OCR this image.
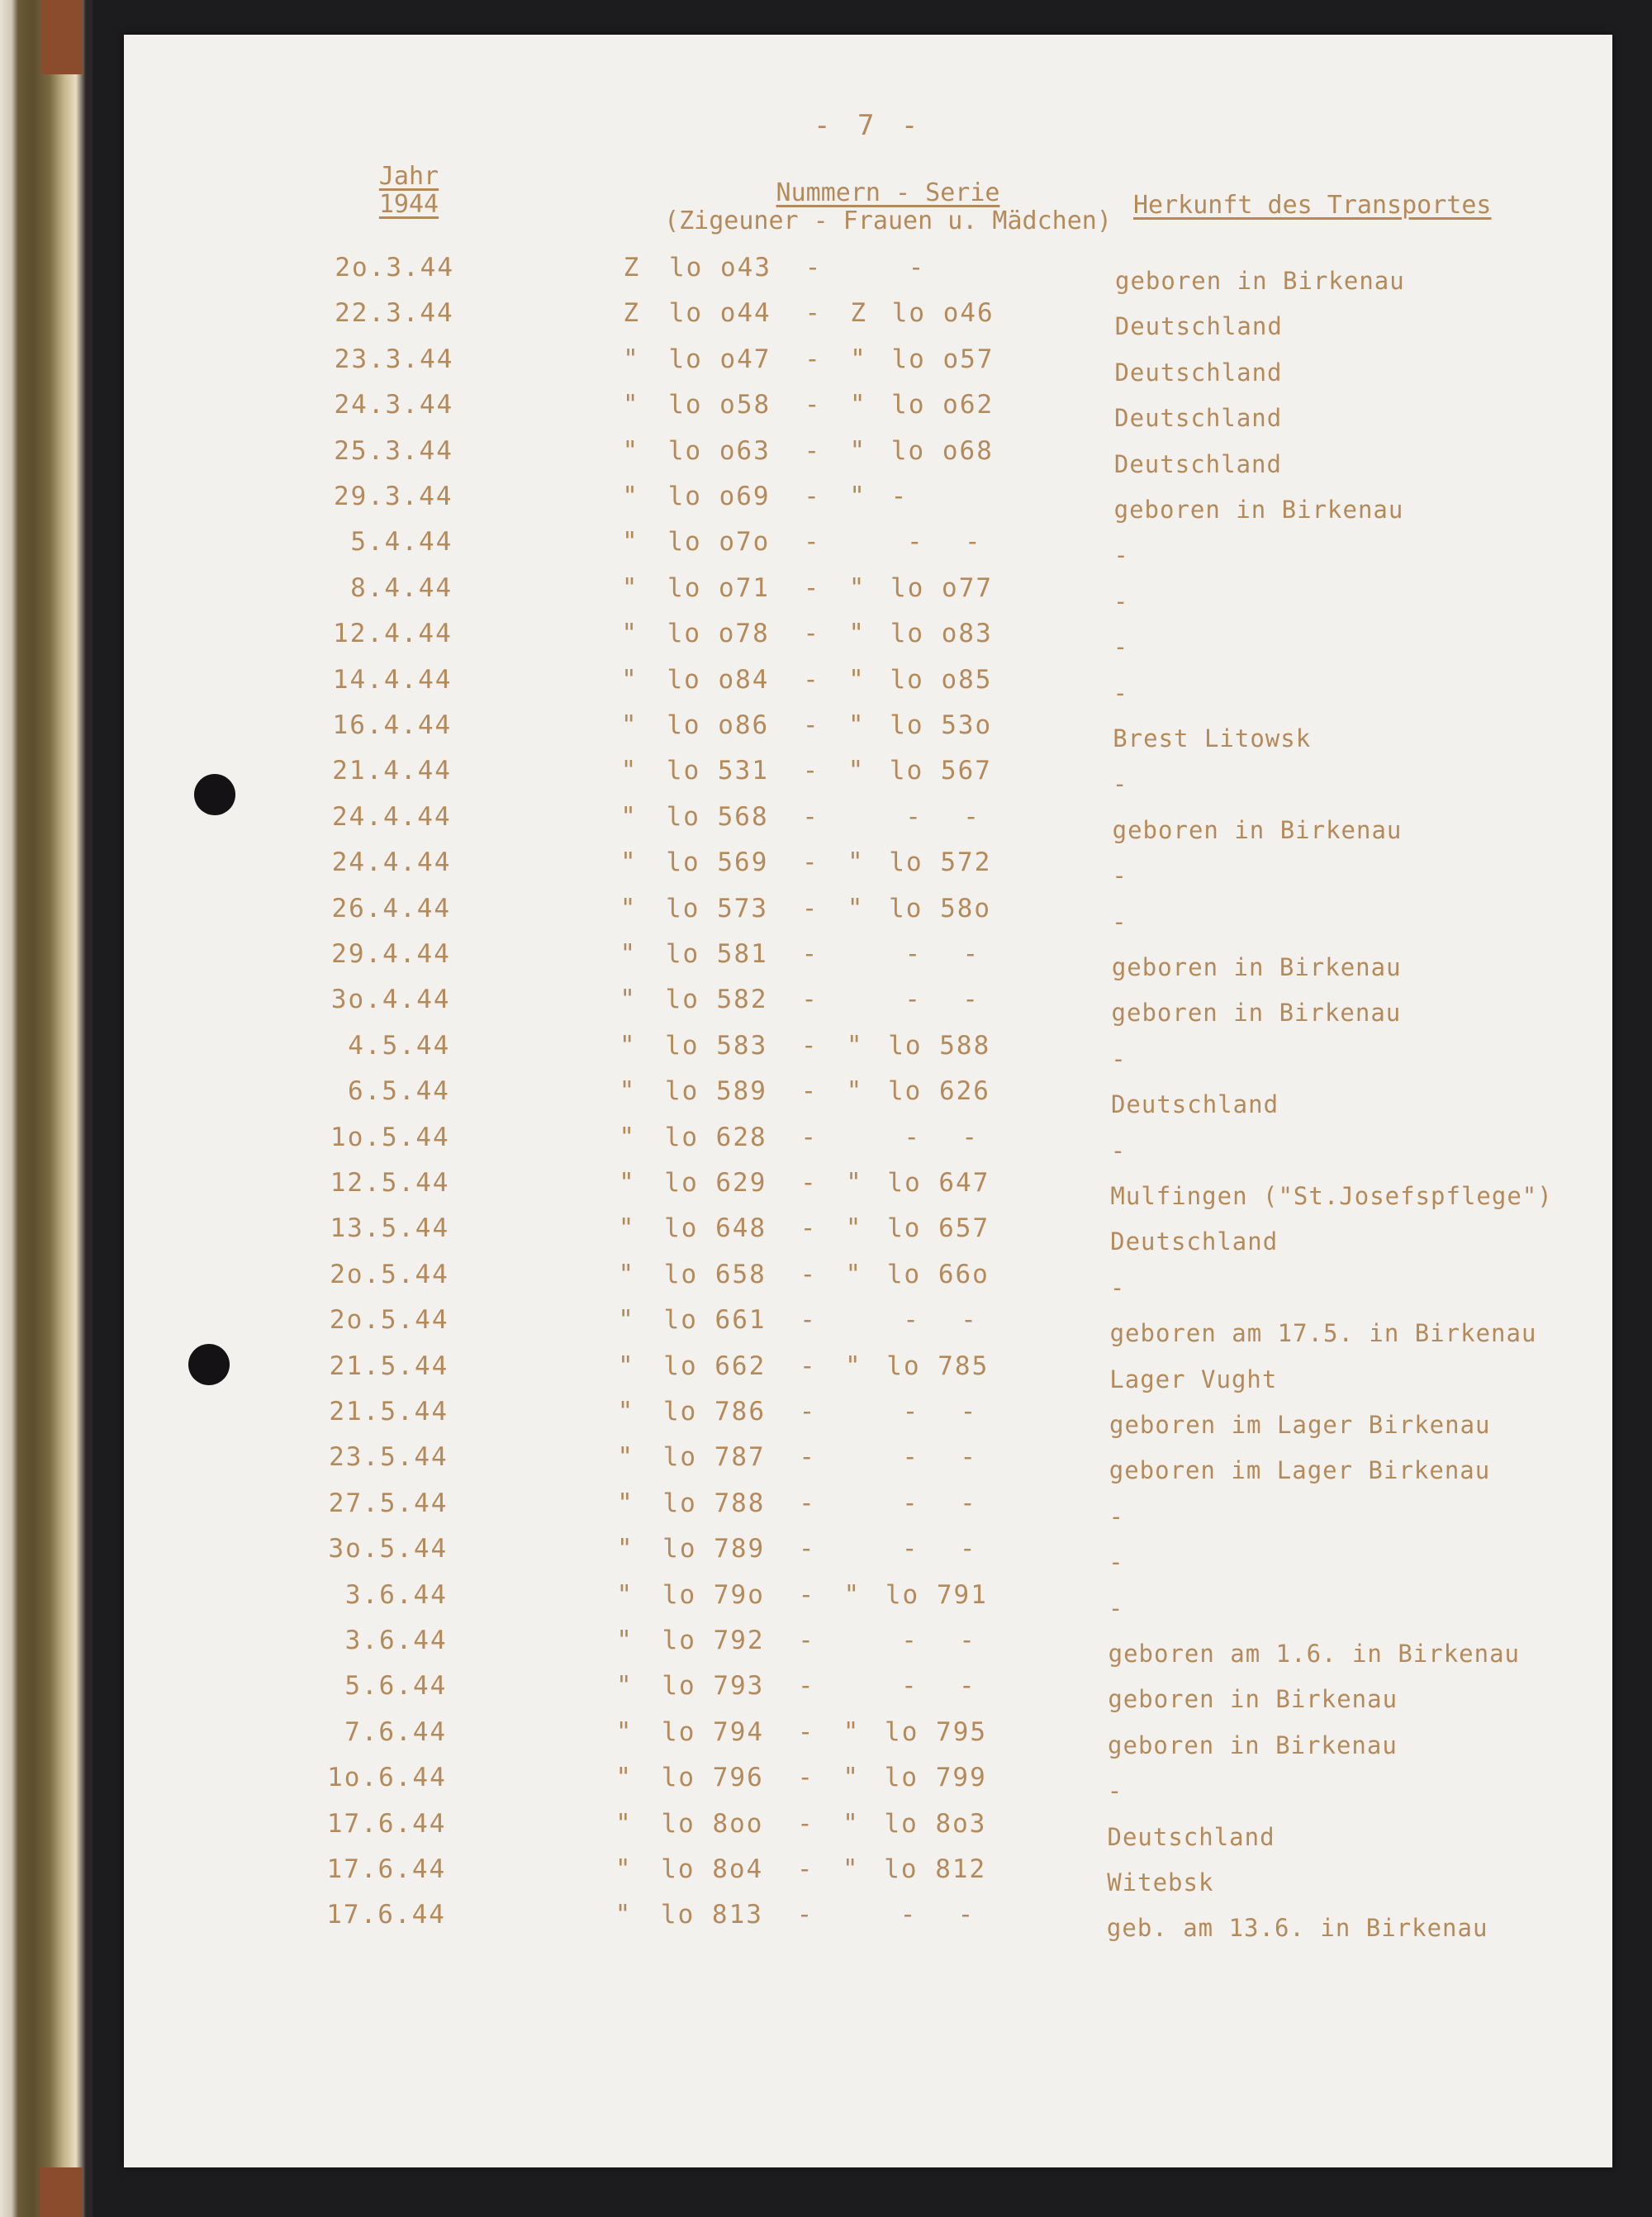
- 7 -
Jahr
1944	Nummern - Serie
(Zigeuner - Frauen u. Mädchen)
Herkunft des Transportes
2o.3.44	Z lo o43	-	-	geboren in Birkenau
22.3.44	Z lo o44	- Z lo o46	Deutschland
23.3.44	" lo o47	- " lo o57	Deutschland
24.3.44	" lo o58	- " lo o62	Deutschland
25.3.44	" lo o63	- " lo o68	Deutschland
29.3.44	" lo o69	- " -	geboren in Birkenau
5.4.44	" lo o7o	-	-	-	-
8.4.44	" lo o71	- " lo o77	-
12.4.44	" lo o78	- " lo o83	-
14.4.44	" lo o84	- " lo o85	-
16.4.44	" lo o86	- " lo 53o	Brest Litowsk
21.4.44	" lo 531	- " lo 567	-
24.4.44	" lo 568	-	-	-	geboren in Birkenau
24.4.44	" lo 569	- " lo 572	-
26.4.44	" lo 573	- " lo 58o	-
29.4.44	" lo 581	-	-	-	geboren in Birkenau
3o.4.44	" lo 582	-	-	-	geboren in Birkenau
4.5.44	" lo 583	- " lo 588	-
6.5.44	" lo 589	- " lo 626	Deutschland
1o.5.44	" lo 628	-	-	-	-
12.5.44	" lo 629	- " lo 647	Mulfingen ("St.Josefspflege")
13.5.44	" lo 648	- " lo 657	Deutschland
2o.5.44	" lo 658	- " lo 66o	-
2o.5.44	" lo 661	-	-	-	geboren am 17.5. in Birkenau
21.5.44	" lo 662	- " lo 785	Lager Vught
21.5.44	" lo 786	-	-	-	geboren im Lager Birkenau
23.5.44	" lo 787	-	-	-	geboren im Lager Birkenau
27.5.44	" lo 788	-	-	-	-
3o.5.44	" lo 789	-	-	-	-
3.6.44	" lo 79o	- " lo 791	-
3.6.44	" lo 792	-	-	-	geboren am 1.6. in Birkenau
5.6.44	" lo 793	-	-	-	geboren in Birkenau
7.6.44	" lo 794	- " lo 795	geboren in Birkenau
1o.6.44	" lo 796	- " lo 799	-
17.6.44	" lo 8oo	- " lo 8o3	Deutschland
17.6.44	" lo 8o4	- " lo 812	Witebsk
17.6.44	" lo 813	-	-	-	geb. am 13.6. in Birkenau
